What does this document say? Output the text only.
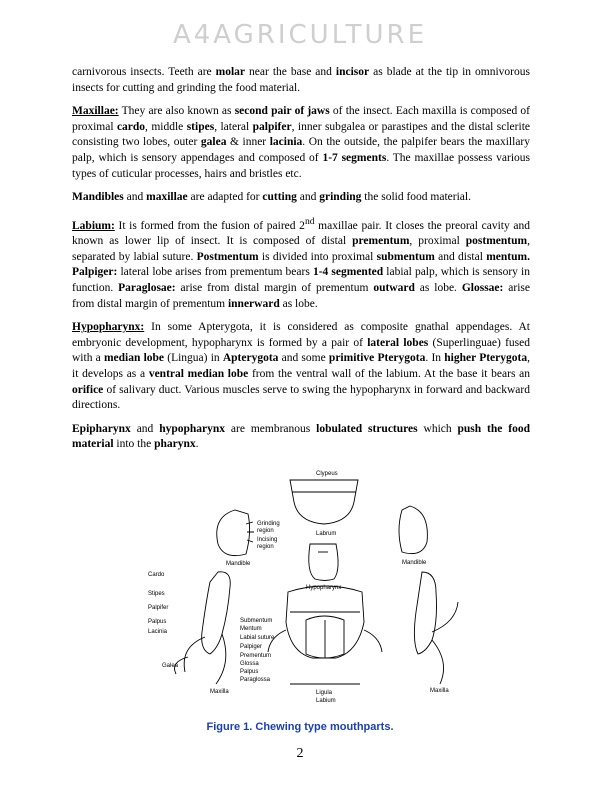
A4AGRICULTURE

carnivorous insects. Teeth are molar near the base and incisor as blade at the tip in omnivorous insects for cutting and grinding the food material.

Maxillae: They are also known as second pair of jaws of the insect. Each maxilla is composed of proximal cardo, middle stipes, lateral palpifer, inner subgalea or parastipes and the distal sclerite consisting two lobes, outer galea & inner lacinia. On the outside, the palpifer bears the maxillary palp, which is sensory appendages and composed of 1-7 segments. The maxillae possess various types of cuticular processes, hairs and bristles etc.

Mandibles and maxillae are adapted for cutting and grinding the solid food material.

Labium: It is formed from the fusion of paired 2nd maxillae pair. It closes the preoral cavity and known as lower lip of insect. It is composed of distal prementum, proximal postmentum, separated by labial suture. Postmentum is divided into proximal submentum and distal mentum. Palpiger: lateral lobe arises from prementum bears 1-4 segmented labial palp, which is sensory in function. Paraglosae: arise from distal margin of prementum outward as lobe. Glossae: arise from distal margin of prementum innerward as lobe.

Hypopharynx: In some Apterygota, it is considered as composite gnathal appendages. At embryonic development, hypopharynx is formed by a pair of lateral lobes (Superlinguae) fused with a median lobe (Lingua) in Apterygota and some primitive Pterygota. In higher Pterygota, it develops as a ventral median lobe from the ventral wall of the labium. At the base it bears an orifice of salivary duct. Various muscles serve to swing the hypopharynx in forward and backward directions.

Epipharynx and hypopharynx are membranous lobulated structures which push the food material into the pharynx.

Clypeus
Labrum
Grinding
region
Incising
region
Mandible	Mandible
Hypopharynx
Cardo
Stipes
Palpifer
Palpus
Lacinia
Galea
Maxilla	Maxilla
Submentum
Mentum
Labial suture
Palpiger
Prementum
Glossa
Palpus
Paraglossa
Ligula
Labium
Figure 1. Chewing type mouthparts.
2
